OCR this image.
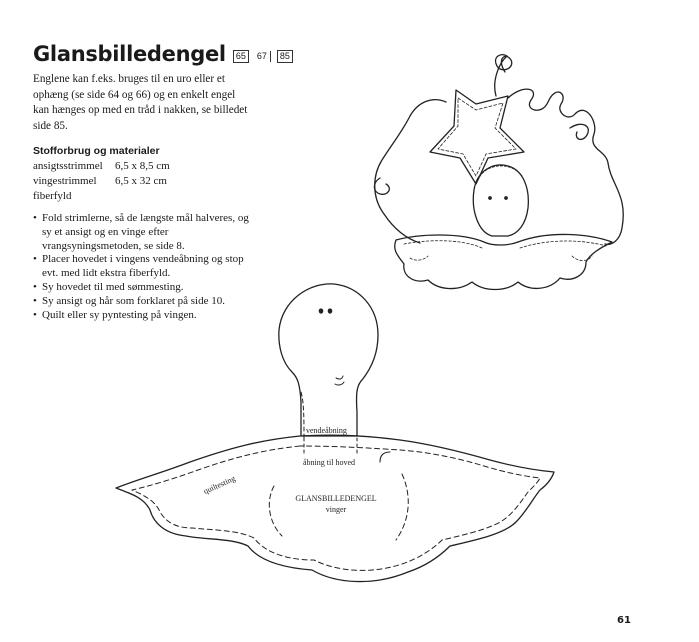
Glansbilledengel	65	67	85

Englene kan f.eks. bruges til en uro eller et ophæng (se side 64 og 66) og en enkelt engel kan hænges op med en tråd i nakken, se billedet side 85.

Stofforbrug og materialer
ansigtsstrimmel	6,5 x 8,5 cm
vingestrimmel	6,5 x 32 cm
fiberfyld
• Fold strimlerne, så de længste mål halveres, og sy et ansigt og en vinge efter vrangsyningsmetoden, se side 8.
• Placer hovedet i vingens vendeåbning og stop evt. med lidt ekstra fiberfyld.
• Sy hovedet til med sømmesting.
• Sy ansigt og hår som forklaret på side 10.
• Quilt eller sy pyntesting på vingen.
vendeåbning
åbning til hoved
quiltesting
GLANSBILLEDENGEL
vinger
61
